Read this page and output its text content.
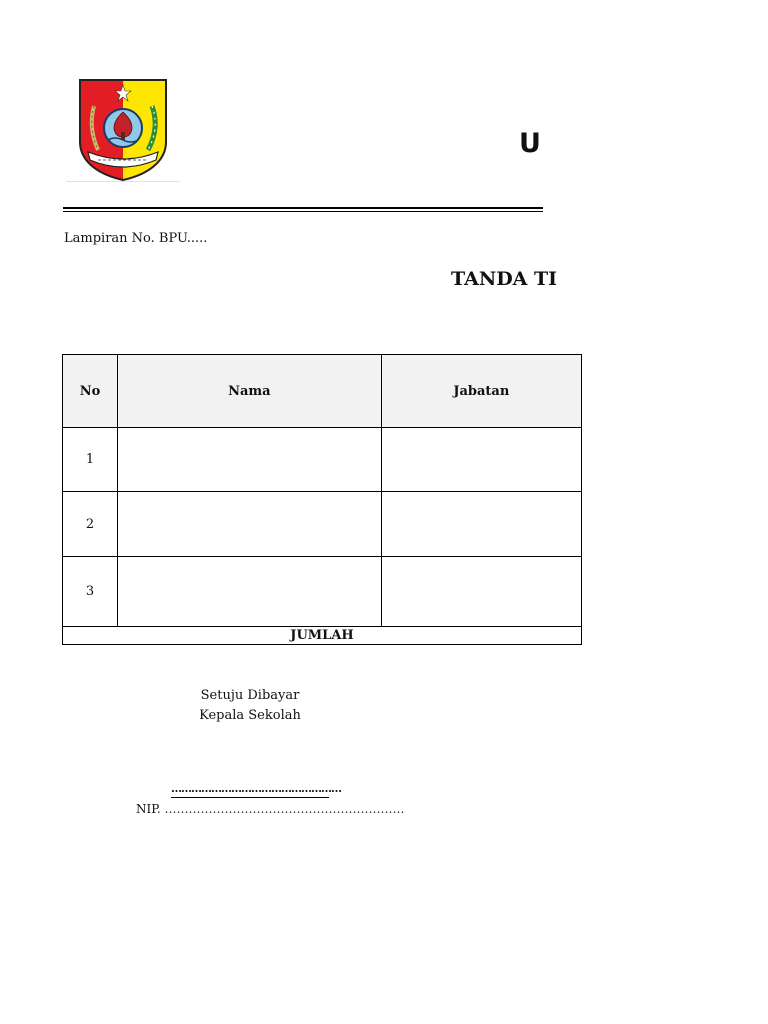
U
Lampiran No. BPU.....
TANDA TI
No	Nama	Jabatan
1		
2		
3		
JUMLAH		
Setuju Dibayar
Kepala Sekolah
……………………………………………
NIP. ……………………………………………………
